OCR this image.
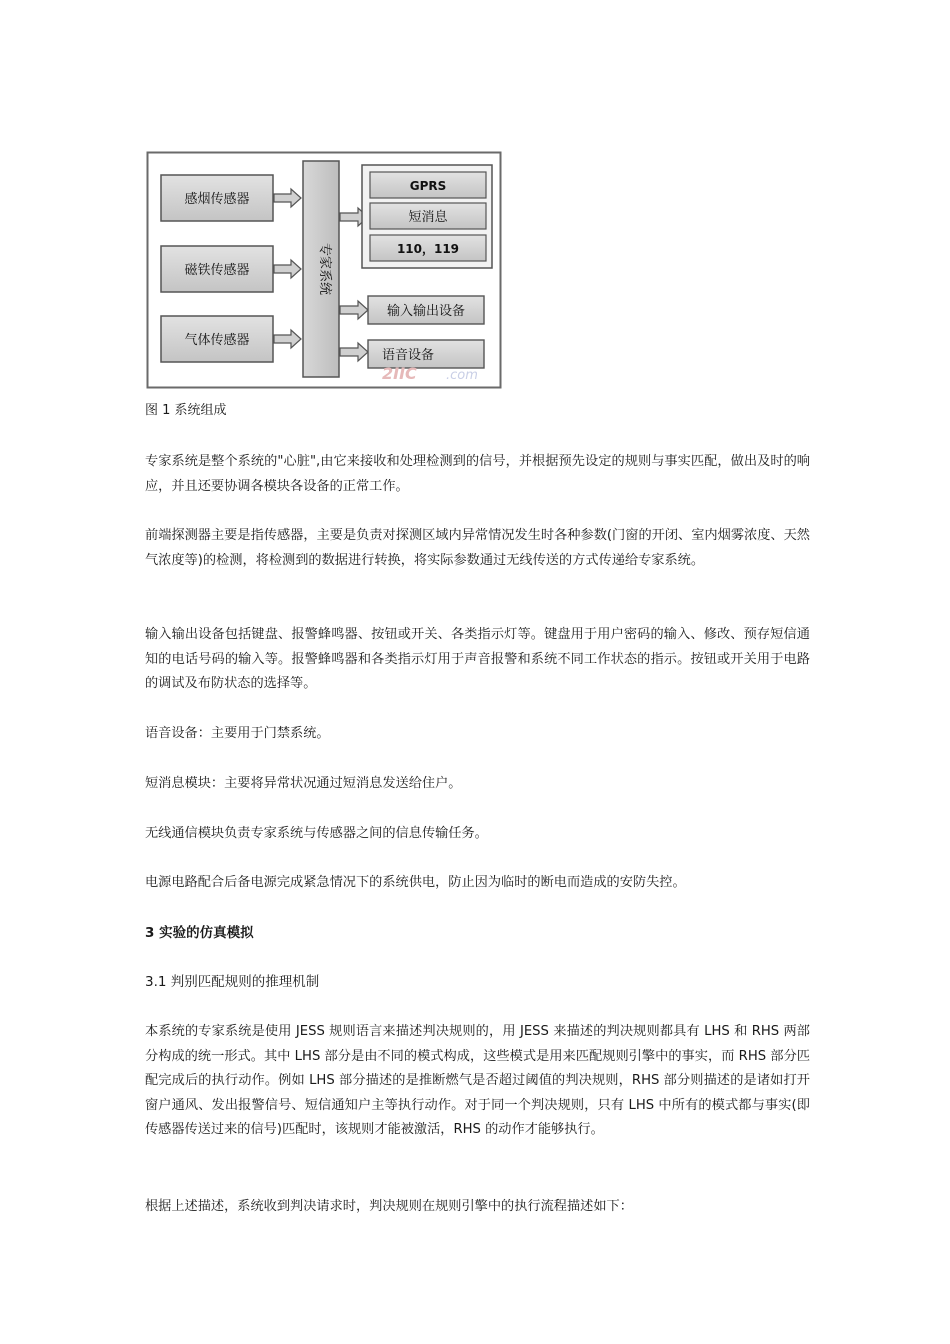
感烟传感器
磁铁传感器
气体传感器
专家系统
GPRS
短消息
110，119
输入输出设备
语音设备
2IIC .com
图 1 系统组成

专家系统是整个系统的"心脏",由它来接收和处理检测到的信号，并根据预先设定的规则与事实匹配，做出及时的响应，并且还要协调各模块各设备的正常工作。

前端探测器主要是指传感器，主要是负责对探测区域内异常情况发生时各种参数(门窗的开闭、室内烟雾浓度、天然气浓度等)的检测，将检测到的数据进行转换，将实际参数通过无线传送的方式传递给专家系统。

输入输出设备包括键盘、报警蜂鸣器、按钮或开关、各类指示灯等。键盘用于用户密码的输入、修改、预存短信通知的电话号码的输入等。报警蜂鸣器和各类指示灯用于声音报警和系统不同工作状态的指示。按钮或开关用于电路的调试及布防状态的选择等。

语音设备：主要用于门禁系统。

短消息模块：主要将异常状况通过短消息发送给住户。

无线通信模块负责专家系统与传感器之间的信息传输任务。

电源电路配合后备电源完成紧急情况下的系统供电，防止因为临时的断电而造成的安防失控。

3 实验的仿真模拟
3.1 判别匹配规则的推理机制

本系统的专家系统是使用 JESS 规则语言来描述判决规则的，用 JESS 来描述的判决规则都具有 LHS 和 RHS 两部分构成的统一形式。其中 LHS 部分是由不同的模式构成，这些模式是用来匹配规则引擎中的事实，而 RHS 部分匹配完成后的执行动作。例如 LHS 部分描述的是推断燃气是否超过阈值的判决规则，RHS 部分则描述的是诸如打开窗户通风、发出报警信号、短信通知户主等执行动作。对于同一个判决规则，只有 LHS 中所有的模式都与事实(即传感器传送过来的信号)匹配时，该规则才能被激活，RHS 的动作才能够执行。

根据上述描述，系统收到判决请求时，判决规则在规则引擎中的执行流程描述如下：
